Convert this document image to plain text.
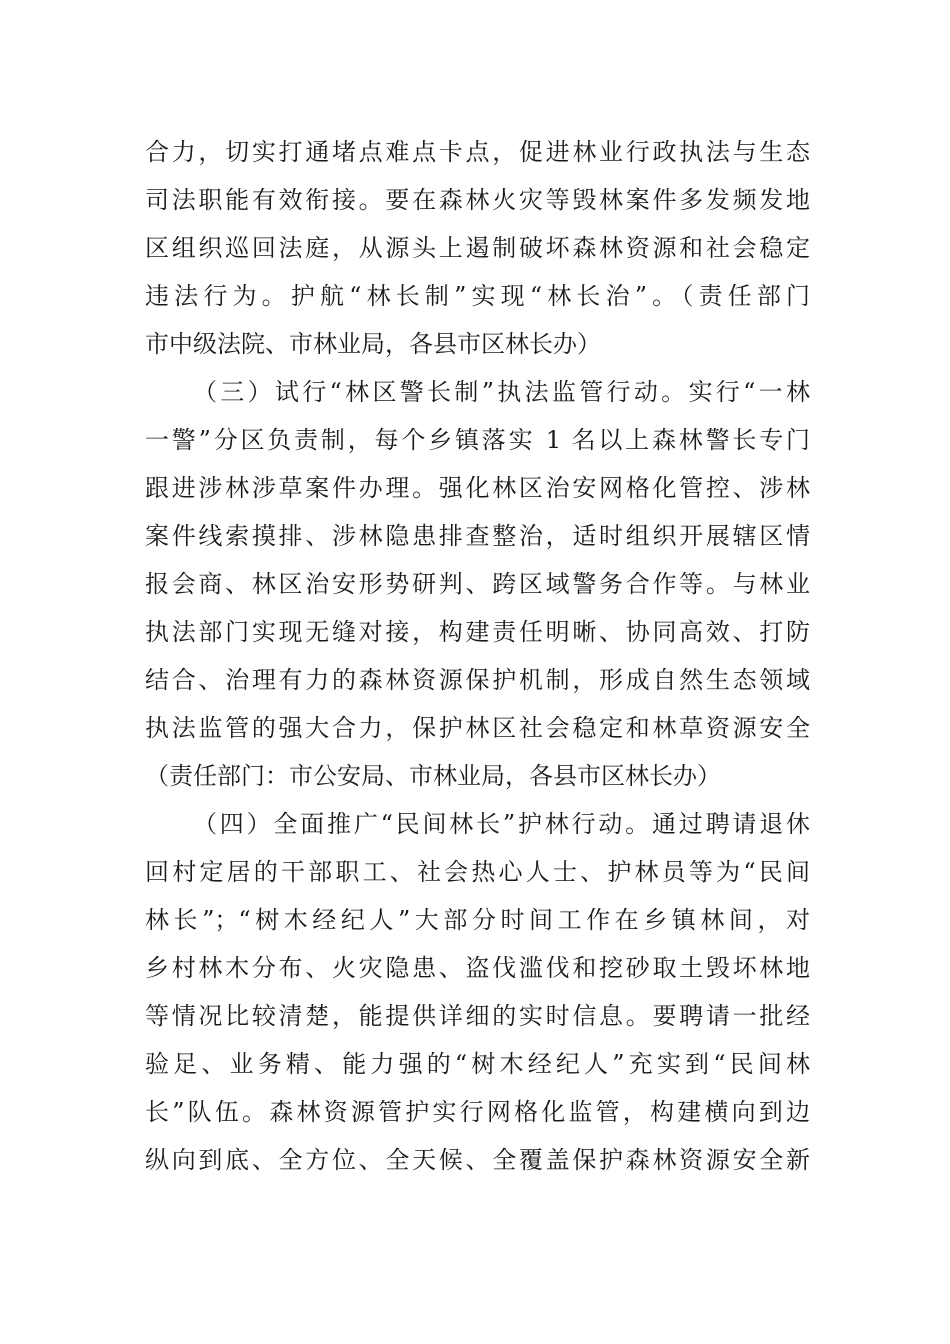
合力，切实打通堵点难点卡点，促进林业行政执法与生态
司法职能有效衔接。要在森林火灾等毁林案件多发频发地
区组织巡回法庭，从源头上遏制破坏森林资源和社会稳定
违法行为。护航“林长制”实现“林长治”。（责任部门
市中级法院、市林业局，各县市区林长办）
（三）试行“林区警长制”执法监管行动。实行“一林
一警”分区负责制，每个乡镇落实 1 名以上森林警长专门
跟进涉林涉草案件办理。强化林区治安网格化管控、涉林
案件线索摸排、涉林隐患排查整治，适时组织开展辖区情
报会商、林区治安形势研判、跨区域警务合作等。与林业
执法部门实现无缝对接，构建责任明晰、协同高效、打防
结合、治理有力的森林资源保护机制，形成自然生态领域
执法监管的强大合力，保护林区社会稳定和林草资源安全
（责任部门：市公安局、市林业局，各县市区林长办）
（四）全面推广“民间林长”护林行动。通过聘请退休
回村定居的干部职工、社会热心人士、护林员等为“民间
林长”；“树木经纪人”大部分时间工作在乡镇林间，对
乡村林木分布、火灾隐患、盗伐滥伐和挖砂取土毁坏林地
等情况比较清楚，能提供详细的实时信息。要聘请一批经
验足、业务精、能力强的“树木经纪人”充实到“民间林
长”队伍。森林资源管护实行网格化监管，构建横向到边
纵向到底、全方位、全天候、全覆盖保护森林资源安全新
